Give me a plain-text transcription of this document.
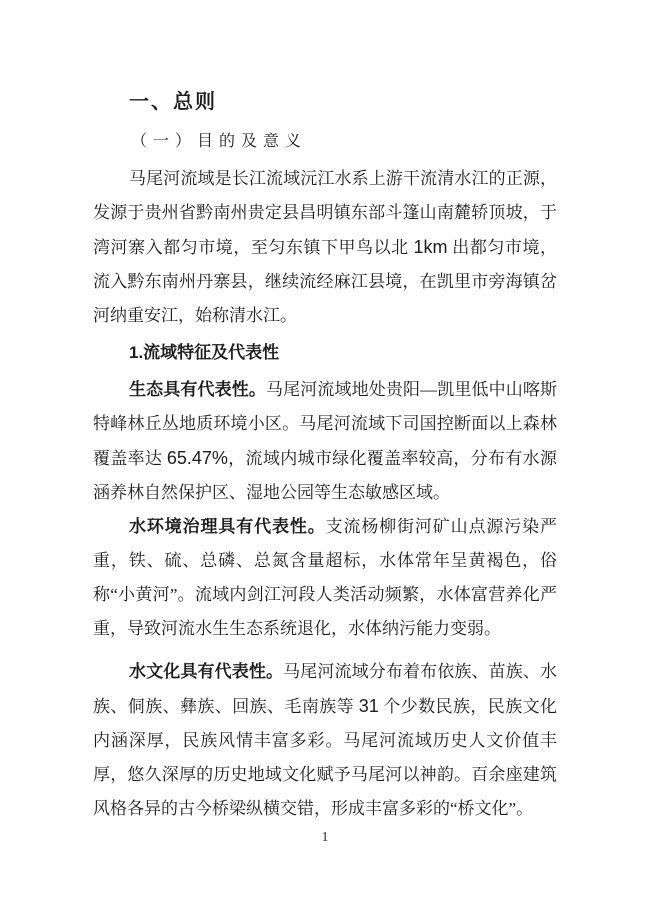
一、总则
（一）目的及意义

马尾河流域是长江流域沅江水系上游干流清水江的正源，发源于贵州省黔南州贵定县昌明镇东部斗篷山南麓轿顶坡，于湾河寨入都匀市境，至匀东镇下甲鸟以北 1km 出都匀市境，流入黔东南州丹寨县，继续流经麻江县境，在凯里市旁海镇岔河纳重安江，始称清水江。

1.流域特征及代表性

生态具有代表性。马尾河流域地处贵阳—凯里低中山喀斯特峰林丘丛地质环境小区。马尾河流域下司国控断面以上森林覆盖率达 65.47%，流域内城市绿化覆盖率较高，分布有水源涵养林自然保护区、湿地公园等生态敏感区域。

水环境治理具有代表性。支流杨柳街河矿山点源污染严重，铁、硫、总磷、总氮含量超标，水体常年呈黄褐色，俗称“小黄河”。流域内剑江河段人类活动频繁，水体富营养化严重，导致河流水生生态系统退化，水体纳污能力变弱。

水文化具有代表性。马尾河流域分布着布依族、苗族、水族、侗族、彝族、回族、毛南族等 31 个少数民族，民族文化内涵深厚，民族风情丰富多彩。马尾河流域历史人文价值丰厚，悠久深厚的历史地域文化赋予马尾河以神韵。百余座建筑风格各异的古今桥梁纵横交错，形成丰富多彩的“桥文化”。

1
